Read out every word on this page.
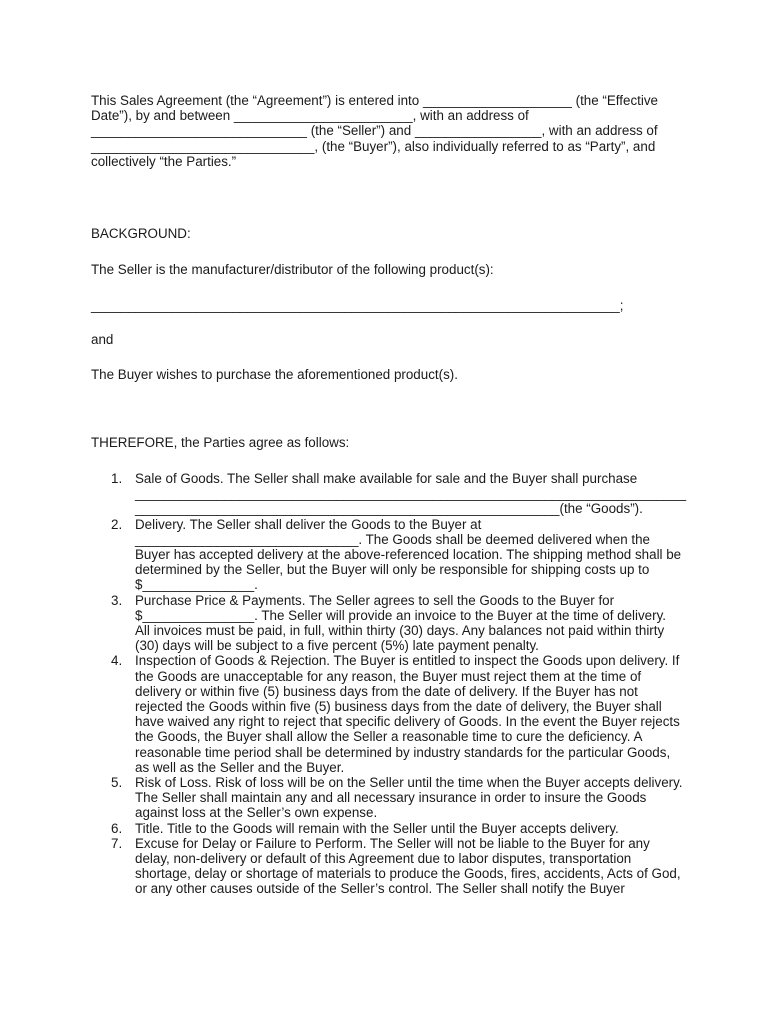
This Sales Agreement (the “Agreement”) is entered into ____________________ (the “Effective
Date”), by and between ________________________, with an address of
_____________________________ (the “Seller”) and _________________, with an address of
______________________________, (the “Buyer”), also individually referred to as “Party”, and
collectively “the Parties.”
BACKGROUND:
The Seller is the manufacturer/distributor of the following product(s):
_______________________________________________________________________;
and
The Buyer wishes to purchase the aforementioned product(s).
THEREFORE, the Parties agree as follows:
1. Sale of Goods. The Seller shall make available for sale and the Buyer shall purchase
__________________________________________________________________________
_________________________________________________________(the “Goods”).
2. Delivery. The Seller shall deliver the Goods to the Buyer at
______________________________. The Goods shall be deemed delivered when the
Buyer has accepted delivery at the above-referenced location. The shipping method shall be
determined by the Seller, but the Buyer will only be responsible for shipping costs up to
$_______________.
3. Purchase Price & Payments. The Seller agrees to sell the Goods to the Buyer for
$_______________. The Seller will provide an invoice to the Buyer at the time of delivery.
All invoices must be paid, in full, within thirty (30) days. Any balances not paid within thirty
(30) days will be subject to a five percent (5%) late payment penalty.
4. Inspection of Goods & Rejection. The Buyer is entitled to inspect the Goods upon delivery. If
the Goods are unacceptable for any reason, the Buyer must reject them at the time of
delivery or within five (5) business days from the date of delivery. If the Buyer has not
rejected the Goods within five (5) business days from the date of delivery, the Buyer shall
have waived any right to reject that specific delivery of Goods. In the event the Buyer rejects
the Goods, the Buyer shall allow the Seller a reasonable time to cure the deficiency. A
reasonable time period shall be determined by industry standards for the particular Goods,
as well as the Seller and the Buyer.
5. Risk of Loss. Risk of loss will be on the Seller until the time when the Buyer accepts delivery.
The Seller shall maintain any and all necessary insurance in order to insure the Goods
against loss at the Seller’s own expense.
6. Title. Title to the Goods will remain with the Seller until the Buyer accepts delivery.
7. Excuse for Delay or Failure to Perform. The Seller will not be liable to the Buyer for any
delay, non-delivery or default of this Agreement due to labor disputes, transportation
shortage, delay or shortage of materials to produce the Goods, fires, accidents, Acts of God,
or any other causes outside of the Seller’s control. The Seller shall notify the Buyer
